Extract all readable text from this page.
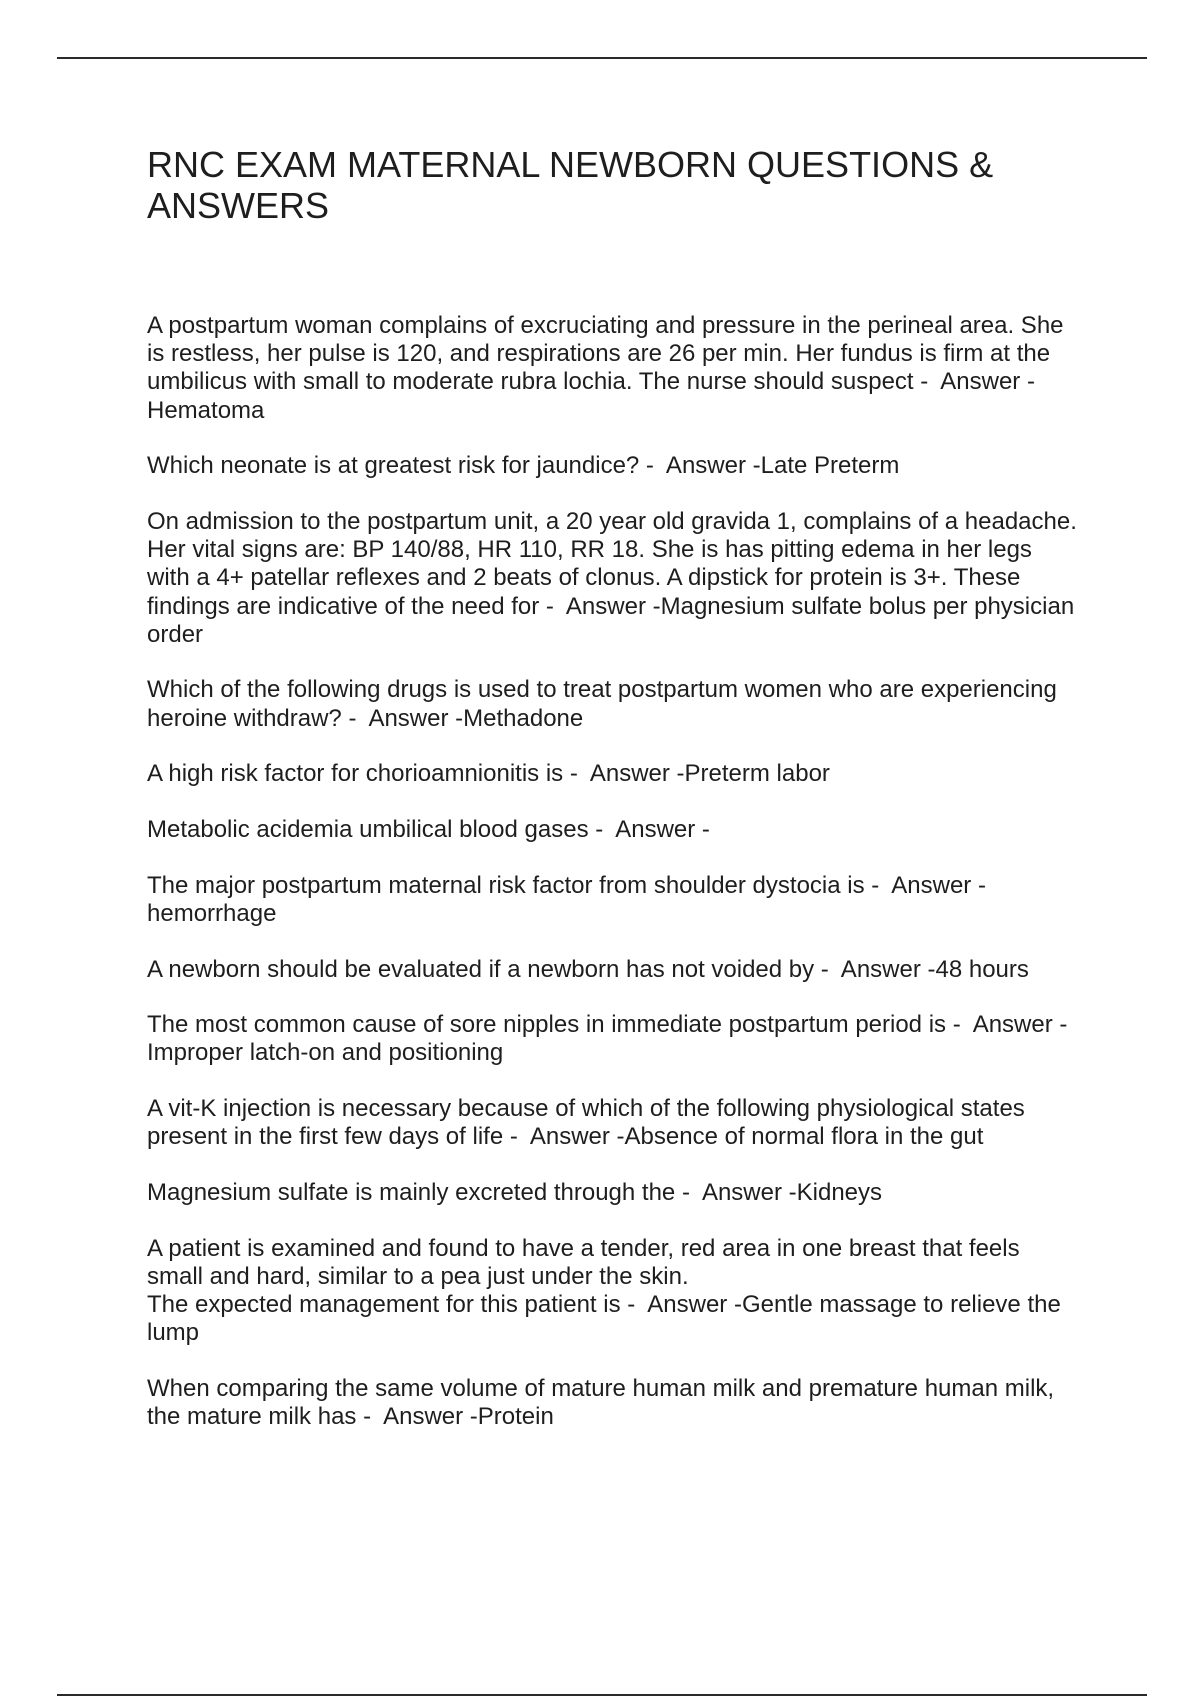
RNC EXAM MATERNAL NEWBORN QUESTIONS & ANSWERS
A postpartum woman complains of excruciating and pressure in the perineal area. She
is restless, her pulse is 120, and respirations are 26 per min. Her fundus is firm at the
umbilicus with small to moderate rubra lochia. The nurse should suspect -  Answer -
Hematoma
Which neonate is at greatest risk for jaundice? -  Answer -Late Preterm
On admission to the postpartum unit, a 20 year old gravida 1, complains of a headache.
Her vital signs are: BP 140/88, HR 110, RR 18. She is has pitting edema in her legs
with a 4+ patellar reflexes and 2 beats of clonus. A dipstick for protein is 3+. These
findings are indicative of the need for -  Answer -Magnesium sulfate bolus per physician
order
Which of the following drugs is used to treat postpartum women who are experiencing
heroine withdraw? -  Answer -Methadone
A high risk factor for chorioamnionitis is -  Answer -Preterm labor
Metabolic acidemia umbilical blood gases -  Answer -
The major postpartum maternal risk factor from shoulder dystocia is -  Answer -
hemorrhage
A newborn should be evaluated if a newborn has not voided by -  Answer -48 hours
The most common cause of sore nipples in immediate postpartum period is -  Answer -
Improper latch-on and positioning
A vit-K injection is necessary because of which of the following physiological states
present in the first few days of life -  Answer -Absence of normal flora in the gut
Magnesium sulfate is mainly excreted through the -  Answer -Kidneys
A patient is examined and found to have a tender, red area in one breast that feels
small and hard, similar to a pea just under the skin.
The expected management for this patient is -  Answer -Gentle massage to relieve the
lump
When comparing the same volume of mature human milk and premature human milk,
the mature milk has -  Answer -Protein
